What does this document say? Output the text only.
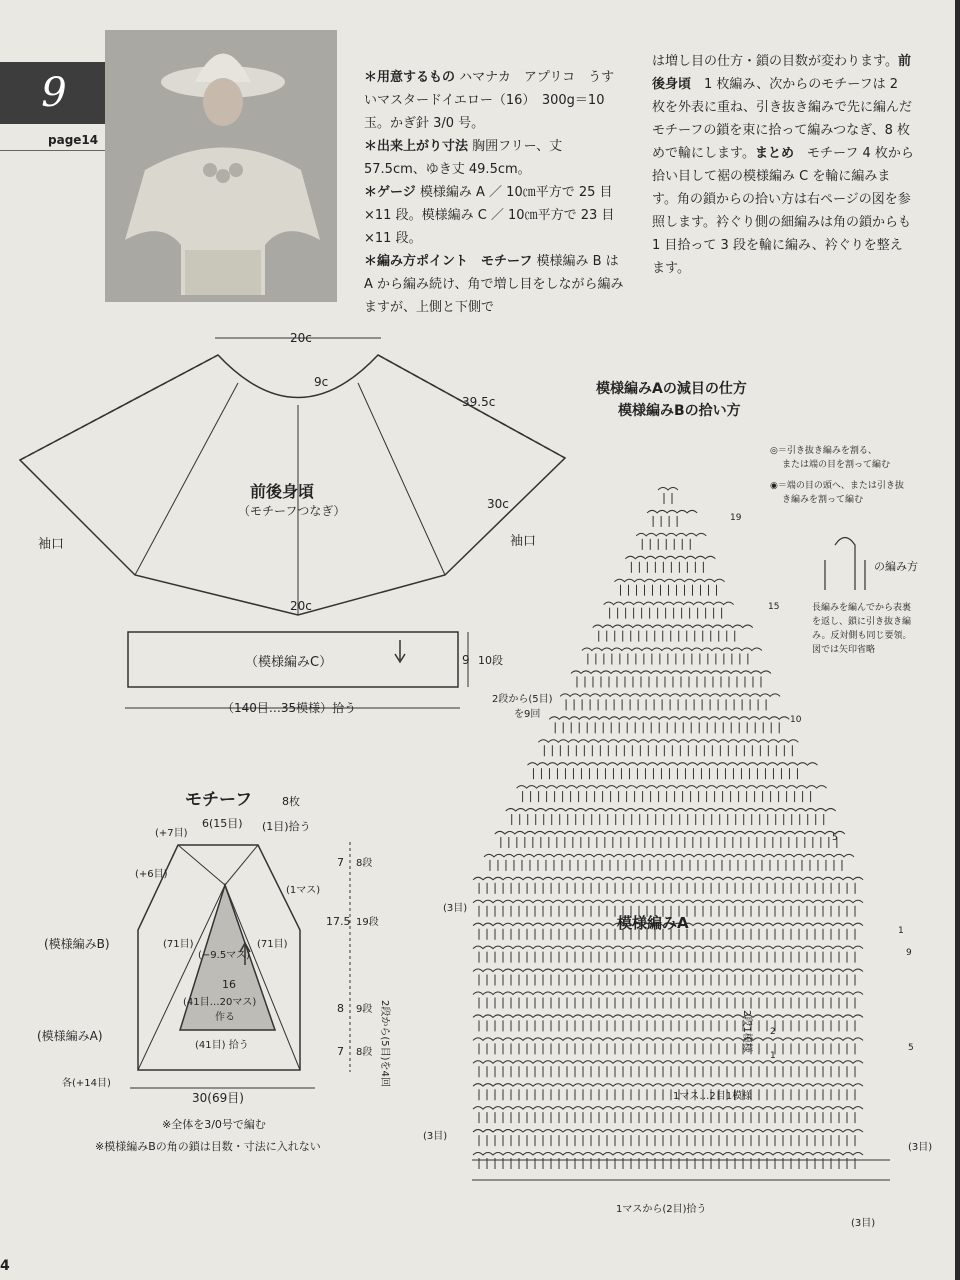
9
page14

＊用意するもの ハマナカ　アプリコ　うすいマスタードイエロー（16）　300g＝10玉。かぎ針 3/0 号。

＊出来上がり寸法 胸囲フリー、丈 57.5cm、ゆき丈 49.5cm。

＊ゲージ 模様編み A ／ 10㎝平方で 25 目 ×11 段。模様編み C ／ 10㎝平方で 23 目 ×11 段。

＊編み方ポイント　モチーフ 模様編み B は A から編み続け、角で増し目をしながら編みますが、上側と下側で

は増し目の仕方・鎖の目数が変わります。前後身頃　 1 枚編み、次からのモチーフは 2 枚を外表に重ね、引き抜き編みで先に編んだモチーフの鎖を束に拾って編みつなぎ、8 枚めで輪にします。まとめ　 モチーフ 4 枚から拾い目して裾の模様編み C を輪に編みます。角の鎖からの拾い方は右ページの図を参照します。衿ぐり側の細編みは角の鎖からも 1 目拾って 3 段を輪に編み、衿ぐりを整えます。

20c
9c
39.5c
30c
袖口	袖口
前後身頃
（モチーフつなぎ）
20c
（模様編みC）	9 10段
（140目…35模様）拾う
モチーフ	8枚
6(15目) (1目)拾う
(+7目)
(+6目)
(1マス)
(模様編みB)
(模様編みA)
(71目)	(71目)
(−9.5マス)
16
(41目…20マス)
作る
(41目) 拾う
各(+14目)
30(69目)
7 8段
17.5 19段
8 9段
7 8段
※全体を3/0号で編む
※模様編みBの角の鎖は目数・寸法に入れない
模様編みAの減目の仕方
模様編みBの拾い方
◎＝引き抜き編みを割る、
または端の目を割って編む
◉＝端の目の頭へ、または引き抜
き編みを割って編む
の編み方
長編みを編んでから表裏
を返し、鎖に引き抜き編
み。反対側も同じ要領。
図では矢印省略
19
15
10
5
1
9
5
2段から(5目)
を9回
(3目)
2段から(5目)を4回
(3目)
模様編みA
2段1模様
1マス…2目1模様
1マスから(2目)拾う
(3目)
(3目)
2
1
4
